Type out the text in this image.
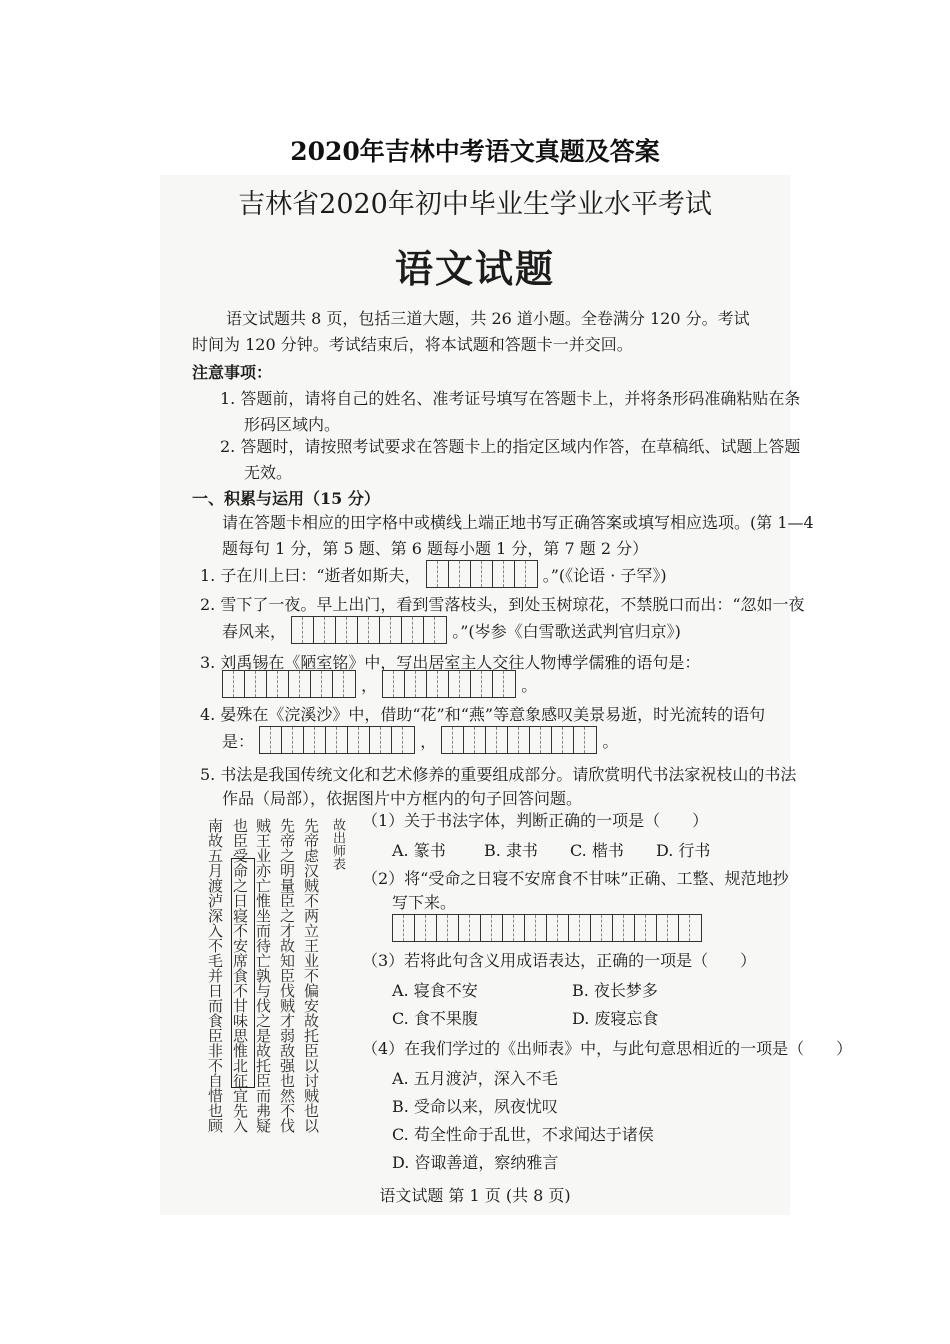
2020年吉林中考语文真题及答案
吉林省2020年初中毕业生学业水平考试
语文试题
语文试题共 8 页，包括三道大题，共 26 道小题。全卷满分 120 分。考试
时间为 120 分钟。考试结束后，将本试题和答题卡一并交回。
注意事项：
1. 答题前，请将自己的姓名、准考证号填写在答题卡上，并将条形码准确粘贴在条
形码区域内。
2. 答题时，请按照考试要求在答题卡上的指定区域内作答，在草稿纸、试题上答题
无效。
一、积累与运用（15 分）
请在答题卡相应的田字格中或横线上端正地书写正确答案或填写相应选项。(第 1—4
题每句 1 分，第 5 题、第 6 题每小题 1 分，第 7 题 2 分）
1. 子在川上曰：“逝者如斯夫，	。”(《论语 · 子罕》)
2. 雪下了一夜。早上出门，看到雪落枝头，到处玉树琼花，不禁脱口而出：“忽如一夜
春风来，	。”(岑参《白雪歌送武判官归京》)
3. 刘禹锡在《陋室铭》中，写出居室主人交往人物博学儒雅的语句是：
，	。
4. 晏殊在《浣溪沙》中，借助“花”和“燕”等意象感叹美景易逝，时光流转的语句
是：	，	。
5. 书法是我国传统文化和艺术修养的重要组成部分。请欣赏明代书法家祝枝山的书法
作品（局部），依据图片中方框内的句子回答问题。
故出师表
先帝虑汉贼不两立王业不偏安故托臣以讨贼也以
先帝之明量臣之才故知臣伐贼才弱敌强也然不伐
贼王业亦亡惟坐而待亡孰与伐之是故托臣而弗疑
也臣受命之日寝不安席食不甘味思惟北征宜先入
南故五月渡泸深入不毛并日而食臣非不自惜也顾	（1）关于书法字体，判断正确的一项是（　　）
A. 篆书 B. 隶书 C. 楷书 D. 行书
（2）将“受命之日寝不安席食不甘味”正确、工整、规范地抄
写下来。
（3）若将此句含义用成语表达，正确的一项是（　　）
A. 寝食不安	B. 夜长梦多
C. 食不果腹	D. 废寝忘食
（4）在我们学过的《出师表》中，与此句意思相近的一项是（　　）
A. 五月渡泸，深入不毛
B. 受命以来，夙夜忧叹
C. 苟全性命于乱世，不求闻达于诸侯
D. 咨诹善道，察纳雅言
语文试题 第 1 页 (共 8 页)
